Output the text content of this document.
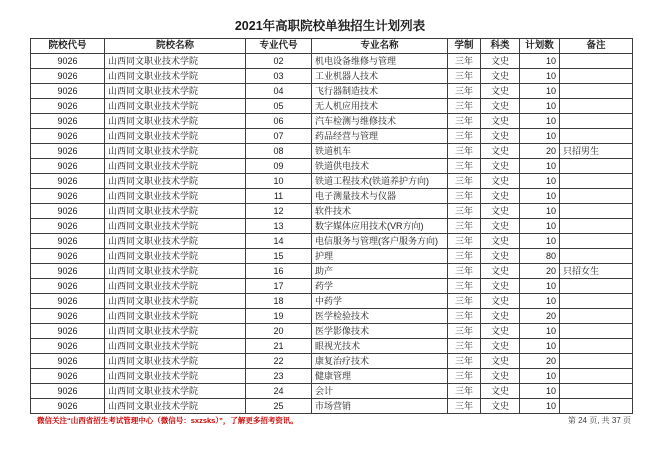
2021年高职院校单独招生计划列表
院校代号	院校名称	专业代号	专业名称	学制	科类	计划数	备注
9026	山西同文职业技术学院	02	机电设备维修与管理	三年	文史	10	
9026	山西同文职业技术学院	03	工业机器人技术	三年	文史	10	
9026	山西同文职业技术学院	04	飞行器制造技术	三年	文史	10	
9026	山西同文职业技术学院	05	无人机应用技术	三年	文史	10	
9026	山西同文职业技术学院	06	汽车检测与维修技术	三年	文史	10	
9026	山西同文职业技术学院	07	药品经营与管理	三年	文史	10	
9026	山西同文职业技术学院	08	铁道机车	三年	文史	20	只招男生
9026	山西同文职业技术学院	09	铁道供电技术	三年	文史	10	
9026	山西同文职业技术学院	10	铁道工程技术(铁道养护方向)	三年	文史	10	
9026	山西同文职业技术学院	11	电子测量技术与仪器	三年	文史	10	
9026	山西同文职业技术学院	12	软件技术	三年	文史	10	
9026	山西同文职业技术学院	13	数字媒体应用技术(VR方向)	三年	文史	10	
9026	山西同文职业技术学院	14	电信服务与管理(客户服务方向)	三年	文史	10	
9026	山西同文职业技术学院	15	护理	三年	文史	80	
9026	山西同文职业技术学院	16	助产	三年	文史	20	只招女生
9026	山西同文职业技术学院	17	药学	三年	文史	10	
9026	山西同文职业技术学院	18	中药学	三年	文史	10	
9026	山西同文职业技术学院	19	医学检验技术	三年	文史	20	
9026	山西同文职业技术学院	20	医学影像技术	三年	文史	10	
9026	山西同文职业技术学院	21	眼视光技术	三年	文史	10	
9026	山西同文职业技术学院	22	康复治疗技术	三年	文史	20	
9026	山西同文职业技术学院	23	健康管理	三年	文史	10	
9026	山西同文职业技术学院	24	会计	三年	文史	10	
9026	山西同文职业技术学院	25	市场营销	三年	文史	10	
微信关注“山西省招生考试管理中心（微信号：sxzsks）”，了解更多招考资讯。	第 24 页, 共 37 页
